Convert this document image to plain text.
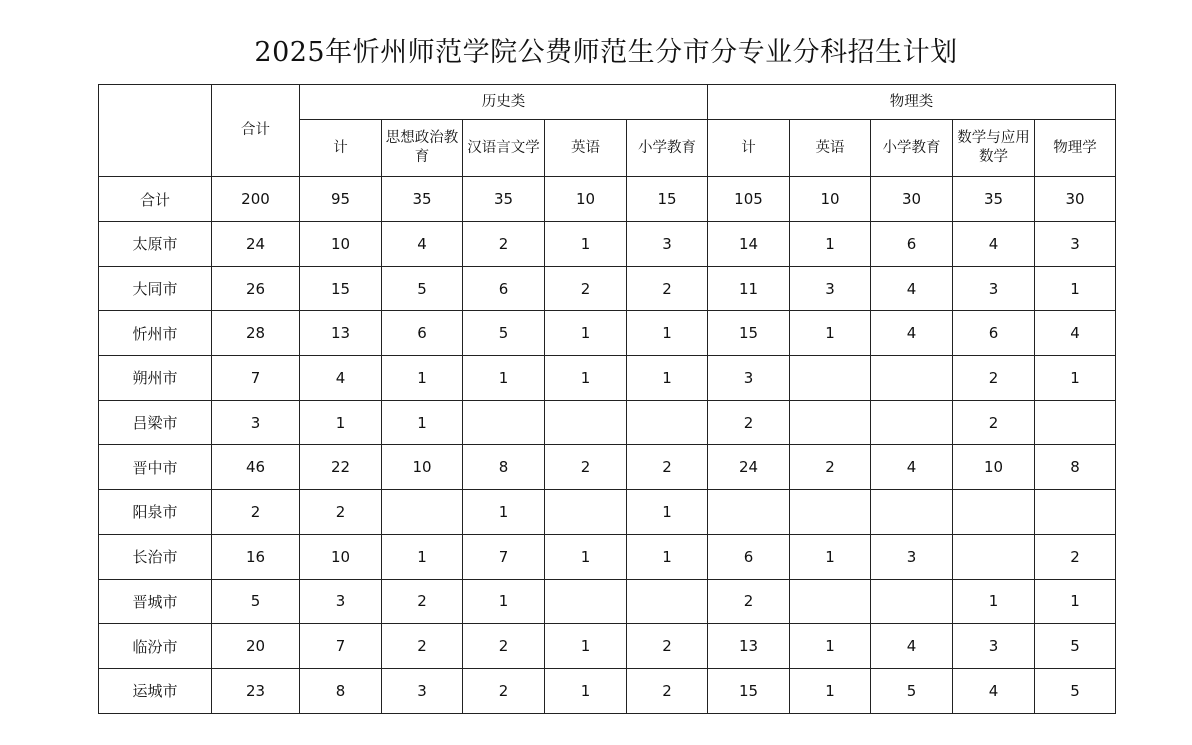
2025年忻州师范学院公费师范生分市分专业分科招生计划
	合计	历史类					物理类				
		计	思想政治教育	汉语言文学	英语	小学教育	计	英语	小学教育	数学与应用数学	物理学
合计	200	95	35	35	10	15	105	10	30	35	30
太原市	24	10	4	2	1	3	14	1	6	4	3
大同市	26	15	5	6	2	2	11	3	4	3	1
忻州市	28	13	6	5	1	1	15	1	4	6	4
朔州市	7	4	1	1	1	1	3			2	1
吕梁市	3	1	1				2			2	
晋中市	46	22	10	8	2	2	24	2	4	10	8
阳泉市	2	2		1		1					
长治市	16	10	1	7	1	1	6	1	3		2
晋城市	5	3	2	1			2			1	1
临汾市	20	7	2	2	1	2	13	1	4	3	5
运城市	23	8	3	2	1	2	15	1	5	4	5
